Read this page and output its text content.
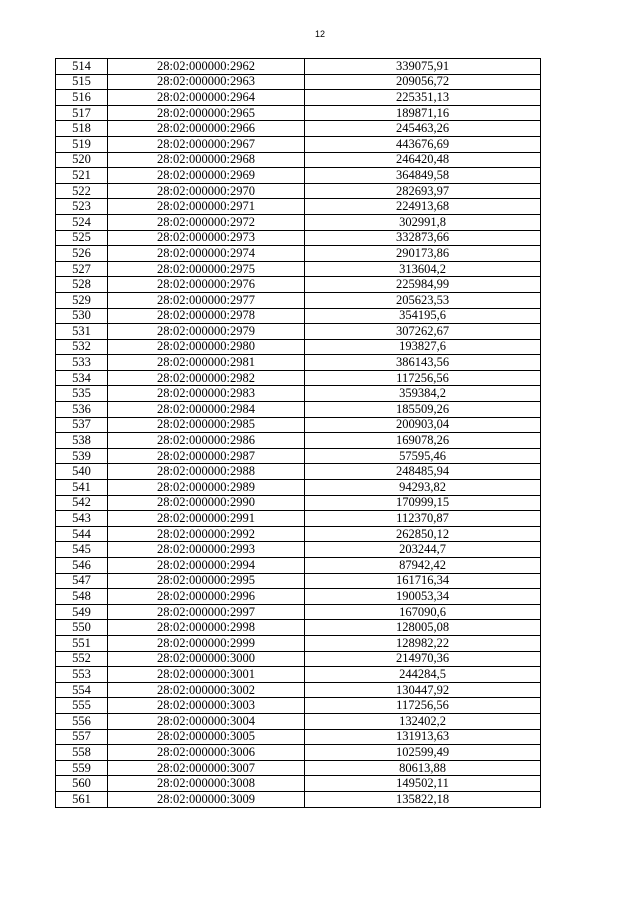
12
514	28:02:000000:2962	339075,91
515	28:02:000000:2963	209056,72
516	28:02:000000:2964	225351,13
517	28:02:000000:2965	189871,16
518	28:02:000000:2966	245463,26
519	28:02:000000:2967	443676,69
520	28:02:000000:2968	246420,48
521	28:02:000000:2969	364849,58
522	28:02:000000:2970	282693,97
523	28:02:000000:2971	224913,68
524	28:02:000000:2972	302991,8
525	28:02:000000:2973	332873,66
526	28:02:000000:2974	290173,86
527	28:02:000000:2975	313604,2
528	28:02:000000:2976	225984,99
529	28:02:000000:2977	205623,53
530	28:02:000000:2978	354195,6
531	28:02:000000:2979	307262,67
532	28:02:000000:2980	193827,6
533	28:02:000000:2981	386143,56
534	28:02:000000:2982	117256,56
535	28:02:000000:2983	359384,2
536	28:02:000000:2984	185509,26
537	28:02:000000:2985	200903,04
538	28:02:000000:2986	169078,26
539	28:02:000000:2987	57595,46
540	28:02:000000:2988	248485,94
541	28:02:000000:2989	94293,82
542	28:02:000000:2990	170999,15
543	28:02:000000:2991	112370,87
544	28:02:000000:2992	262850,12
545	28:02:000000:2993	203244,7
546	28:02:000000:2994	87942,42
547	28:02:000000:2995	161716,34
548	28:02:000000:2996	190053,34
549	28:02:000000:2997	167090,6
550	28:02:000000:2998	128005,08
551	28:02:000000:2999	128982,22
552	28:02:000000:3000	214970,36
553	28:02:000000:3001	244284,5
554	28:02:000000:3002	130447,92
555	28:02:000000:3003	117256,56
556	28:02:000000:3004	132402,2
557	28:02:000000:3005	131913,63
558	28:02:000000:3006	102599,49
559	28:02:000000:3007	80613,88
560	28:02:000000:3008	149502,11
561	28:02:000000:3009	135822,18
